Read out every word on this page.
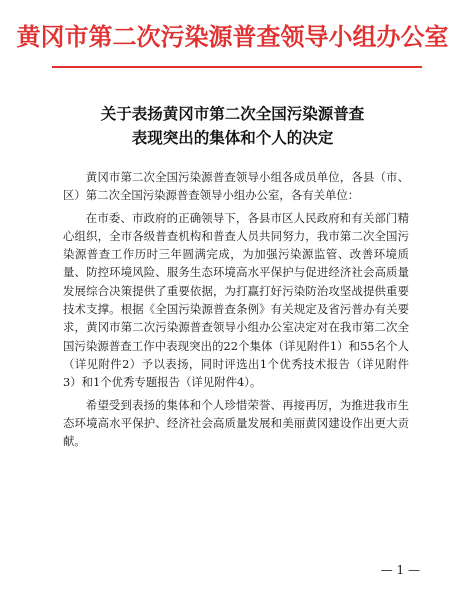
黄冈市第二次污染源普查领导小组办公室
关于表扬黄冈市第二次全国污染源普查
表现突出的集体和个人的决定

黄冈市第二次全国污染源普查领导小组各成员单位，各县（市、区）第二次全国污染源普查领导小组办公室，各有关单位：

在市委、市政府的正确领导下，各县市区人民政府和有关部门精心组织，全市各级普查机构和普查人员共同努力，我市第二次全国污染源普查工作历时三年圆满完成，为加强污染源监管、改善环境质量、防控环境风险、服务生态环境高水平保护与促进经济社会高质量发展综合决策提供了重要依据，为打赢打好污染防治攻坚战提供重要技术支撑。根据《全国污染源普查条例》有关规定及省污普办有关要求，黄冈市第二次污染源普查领导小组办公室决定对在我市第二次全国污染源普查工作中表现突出的22个集体（详见附件1）和55名个人（详见附件2）予以表扬，同时评选出1个优秀技术报告（详见附件3）和1个优秀专题报告（详见附件4）。

希望受到表扬的集体和个人珍惜荣誉、再接再厉，为推进我市生态环境高水平保护、经济社会高质量发展和美丽黄冈建设作出更大贡献。

— 1 —
